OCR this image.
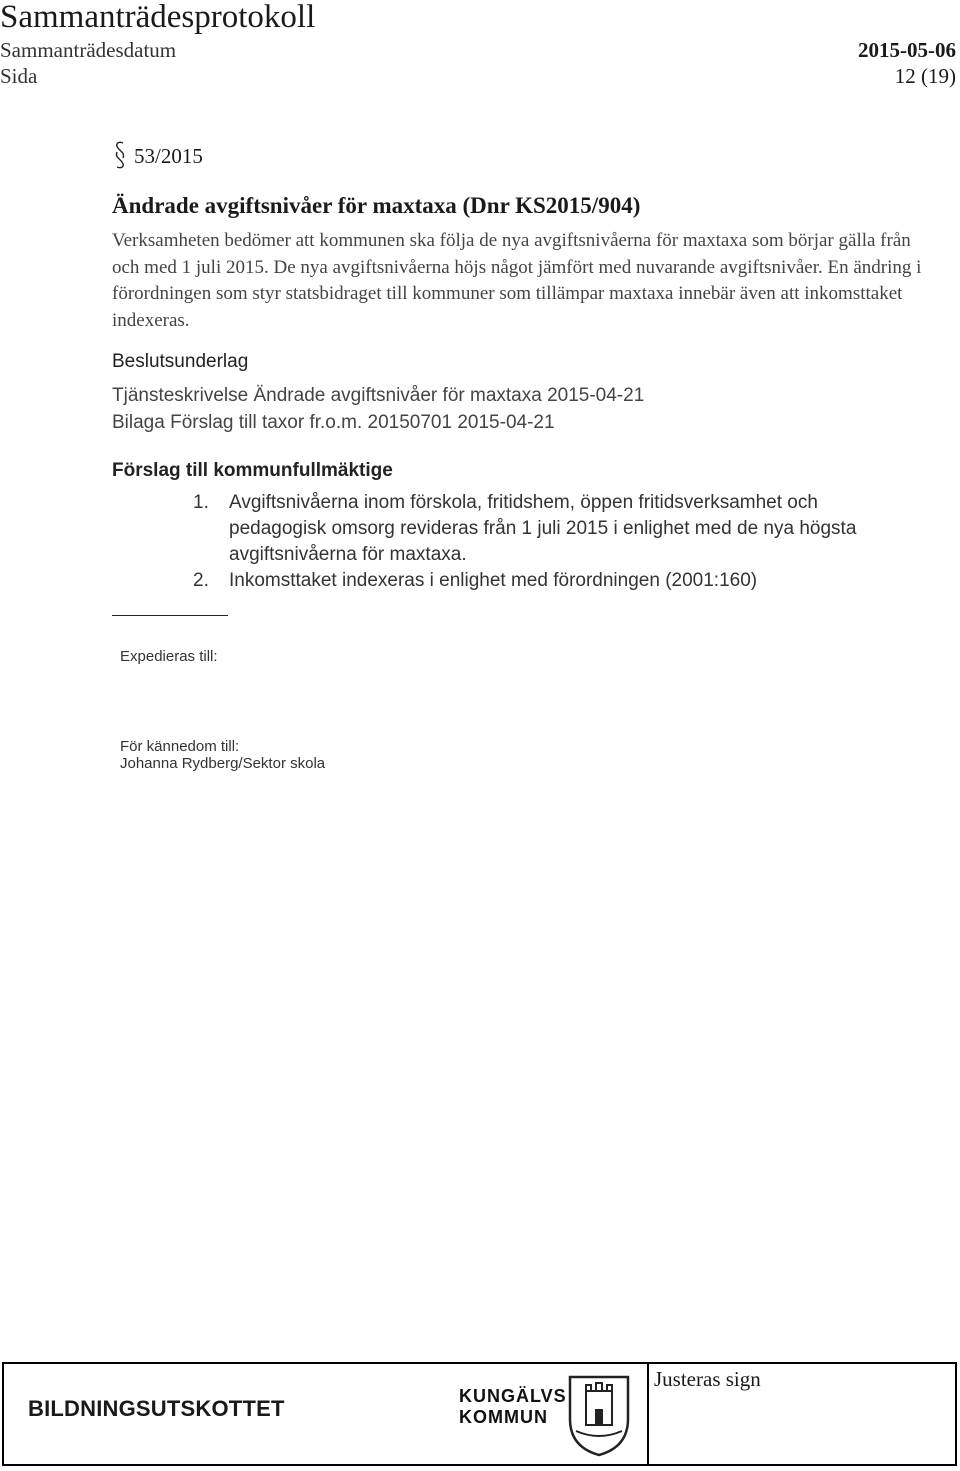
Sammanträdesprotokoll
Sammanträdesdatum	2015-05-06
Sida	12 (19)
53/2015
Ändrade avgiftsnivåer för maxtaxa (Dnr KS2015/904)
Verksamheten bedömer att kommunen ska följa de nya avgiftsnivåerna för maxtaxa som börjar gälla från och med 1 juli 2015. De nya avgiftsnivåerna höjs något jämfört med nuvarande avgiftsnivåer. En ändring i förordningen som styr statsbidraget till kommuner som tillämpar maxtaxa innebär även att inkomsttaket indexeras.
Beslutsunderlag
Tjänsteskrivelse Ändrade avgiftsnivåer för maxtaxa 2015-04-21
Bilaga Förslag till taxor fr.o.m. 20150701 2015-04-21
Förslag till kommunfullmäktige
1.	Avgiftsnivåerna inom förskola, fritidshem, öppen fritidsverksamhet och pedagogisk omsorg revideras från 1 juli 2015 i enlighet med de nya högsta avgiftsnivåerna för maxtaxa.
2.	Inkomsttaket indexeras i enlighet med förordningen (2001:160)
Expedieras till:
För kännedom till:
Johanna Rydberg/Sektor skola
BILDNINGSUTSKOTTET	KUNGÄLVS
KOMMUN
Justeras sign
